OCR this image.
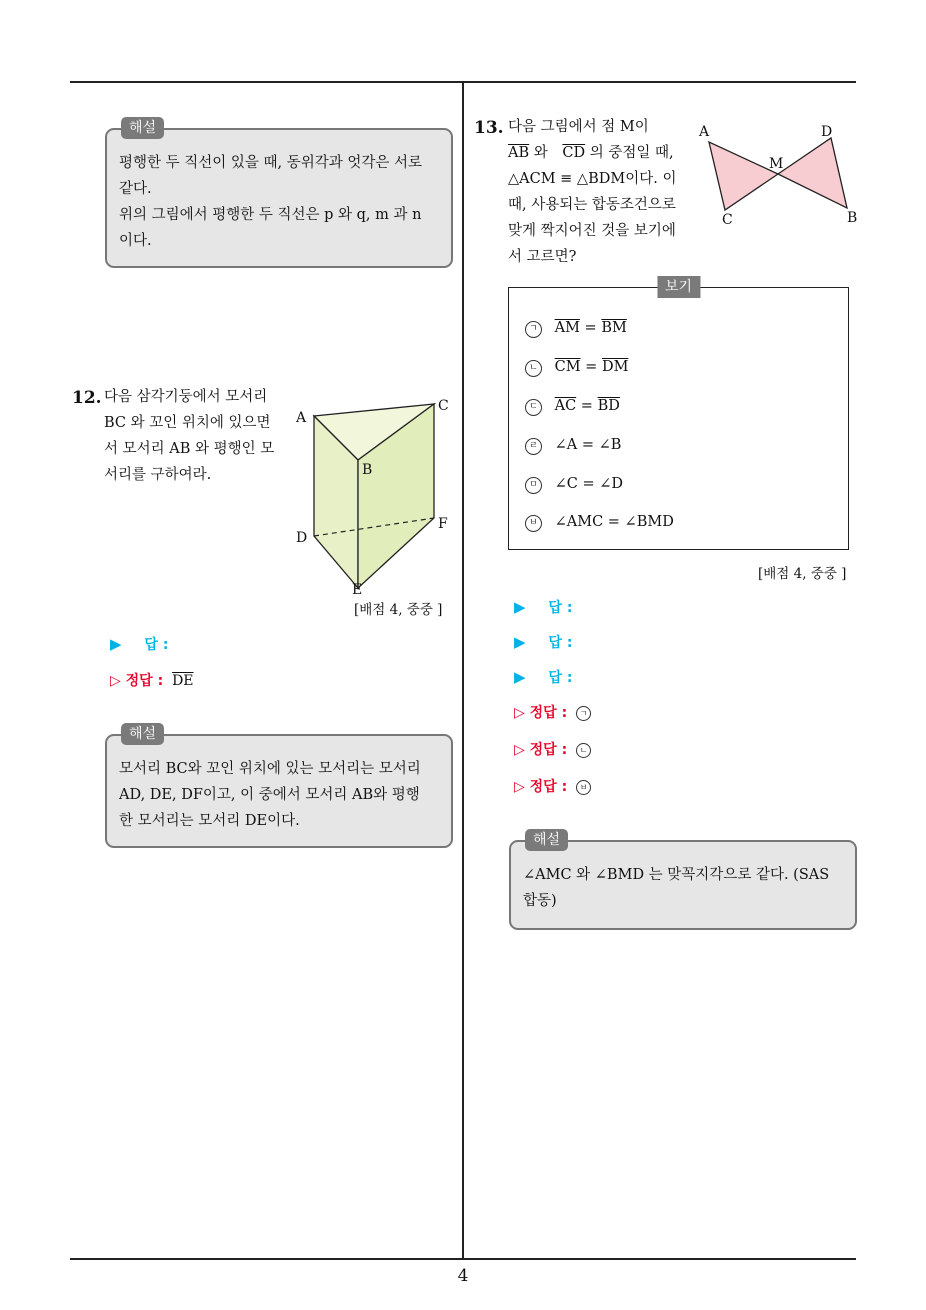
4
해설
평행한 두 직선이 있을 때, 동위각과 엇각은 서로
같다.
위의 그림에서 평행한 두 직선은 p 와 q, m 과 n
이다.
12. 다음 삼각기둥에서 모서리
BC 와 꼬인 위치에 있으면
서 모서리 AB 와 평행인 모
서리를 구하여라.
A
C
B
D
F
E
[배점 4, 중중 ]
▶ 답 :
▷ 정답 : $\overline{DE}$
해설
모서리 BC와 꼬인 위치에 있는 모서리는 모서리
AD, DE, DF이고, 이 중에서 모서리 AB와 평행
한 모서리는 모서리 DE이다.
13. 다음 그림에서 점 M이
$\overline{AB}$ 와 $\overline{CD}$ 의 중점일 때,
△ACM ≡ △BDM이다. 이
때, 사용되는 합동조건으로
맞게 짝지어진 것을 보기에
서 고르면?
A	D
M
C	B
보기
ㄱ $\overline{AM} = \overline{BM}$
ㄴ $\overline{CM} = \overline{DM}$
ㄷ $\overline{AC} = \overline{BD}$
ㄹ ∠A = ∠B
ㅁ ∠C = ∠D
ㅂ ∠AMC = ∠BMD
[배점 4, 중중 ]
▶ 답 :
▶ 답 :
▶ 답 :
▷ 정답 : ㄱ
▷ 정답 : ㄴ
▷ 정답 : ㅂ
해설
∠AMC 와 ∠BMD 는 맞꼭지각으로 같다. (SAS
합동)
